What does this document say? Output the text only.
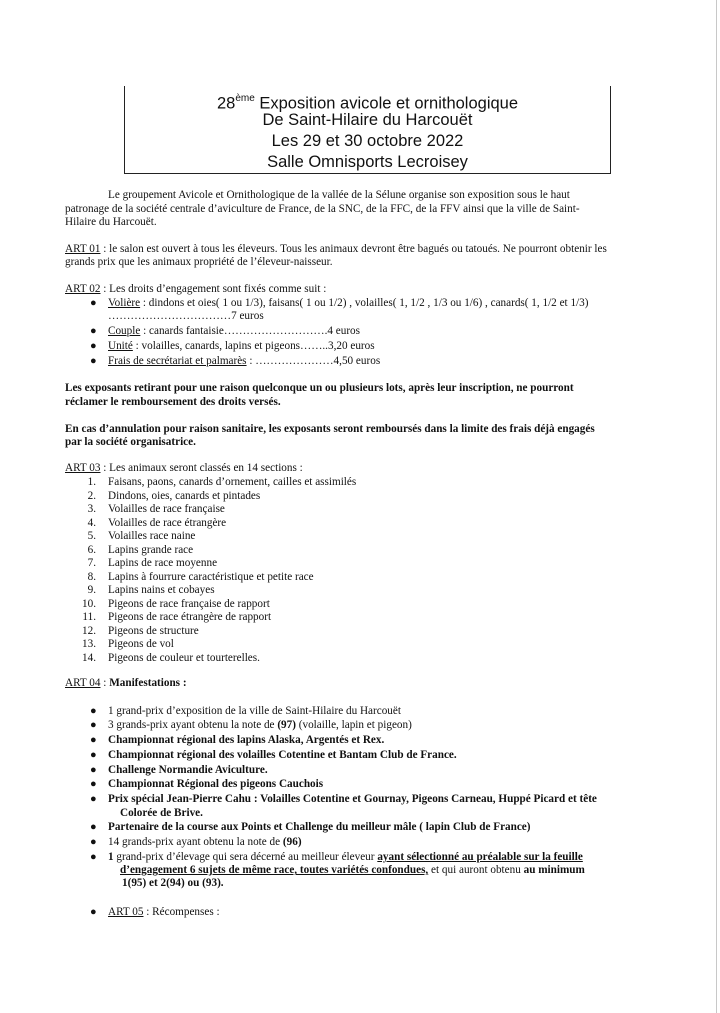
28ème Exposition avicole et ornithologique
De Saint-Hilaire du Harcouët
Les 29 et 30 octobre 2022
Salle Omnisports Lecroisey
Le groupement Avicole et Ornithologique de la vallée de la Sélune organise son exposition sous le haut
patronage de la société centrale d’aviculture de France, de la SNC, de la FFC, de la FFV ainsi que la ville de Saint-
Hilaire du Harcouët.
ART 01 : le salon est ouvert à tous les éleveurs. Tous les animaux devront être bagués ou tatoués. Ne pourront obtenir les
grands prix que les animaux propriété de l’éleveur-naisseur.
ART 02 : Les droits d’engagement sont fixés comme suit :
● Volière : dindons et oies( 1 ou 1/3), faisans( 1 ou 1/2) , volailles( 1, 1/2 , 1/3 ou 1/6) , canards( 1, 1/2 et 1/3)
……………………………7 euros
● Couple : canards fantaisie……………………….4 euros
● Unité : volailles, canards, lapins et pigeons……..3,20 euros
● Frais de secrétariat et palmarès : …………………4,50 euros
Les exposants retirant pour une raison quelconque un ou plusieurs lots, après leur inscription, ne pourront
réclamer le remboursement des droits versés.
En cas d’annulation pour raison sanitaire, les exposants seront remboursés dans la limite des frais déjà engagés
par la société organisatrice.
ART 03 : Les animaux seront classés en 14 sections :
1. Faisans, paons, canards d’ornement, cailles et assimilés
2. Dindons, oies, canards et pintades
3. Volailles de race française
4. Volailles de race étrangère
5. Volailles race naine
6. Lapins grande race
7. Lapins de race moyenne
8. Lapins à fourrure caractéristique et petite race
9. Lapins nains et cobayes
10. Pigeons de race française de rapport
11. Pigeons de race étrangère de rapport
12. Pigeons de structure
13. Pigeons de vol
14. Pigeons de couleur et tourterelles.
ART 04 : Manifestations :
● 1 grand-prix d’exposition de la ville de Saint-Hilaire du Harcouët
● 3 grands-prix ayant obtenu la note de (97) (volaille, lapin et pigeon)
● Championnat régional des lapins Alaska, Argentés et Rex.
● Championnat régional des volailles Cotentine et Bantam Club de France.
● Challenge Normandie Aviculture.
● Championnat Régional des pigeons Cauchois
● Prix spécial Jean-Pierre Cahu : Volailles Cotentine et Gournay, Pigeons Carneau, Huppé Picard et tête
Colorée de Brive.
● Partenaire de la course aux Points et Challenge du meilleur mâle ( lapin Club de France)
● 14 grands-prix ayant obtenu la note de (96)
● 1 grand-prix d’élevage qui sera décerné au meilleur éleveur ayant sélectionné au préalable sur la feuille
d’engagement 6 sujets de même race, toutes variétés confondues, et qui auront obtenu au minimum
1(95) et 2(94) ou (93).
● ART 05 : Récompenses :
